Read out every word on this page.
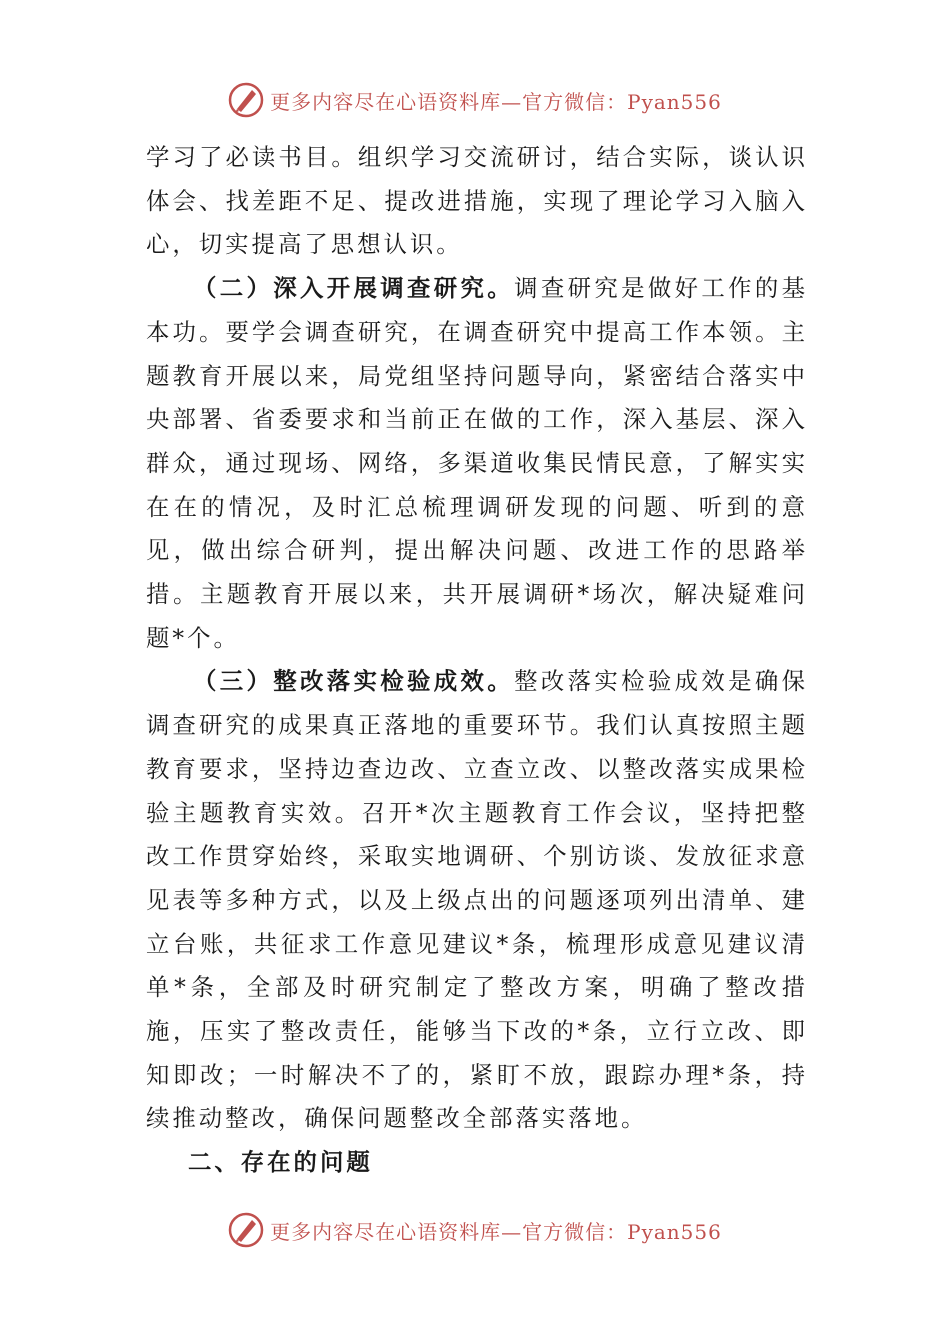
更多内容尽在心语资料库—官方微信：Pyan556

学习了必读书目。组织学习交流研讨，结合实际，谈认识体会、找差距不足、提改进措施，实现了理论学习入脑入心，切实提高了思想认识。

（二）深入开展调查研究。调查研究是做好工作的基本功。要学会调查研究，在调查研究中提高工作本领。主题教育开展以来，局党组坚持问题导向，紧密结合落实中央部署、省委要求和当前正在做的工作，深入基层、深入群众，通过现场、网络，多渠道收集民情民意，了解实实在在的情况，及时汇总梳理调研发现的问题、听到的意见，做出综合研判，提出解决问题、改进工作的思路举措。主题教育开展以来，共开展调研*场次，解决疑难问题*个。

（三）整改落实检验成效。整改落实检验成效是确保调查研究的成果真正落地的重要环节。我们认真按照主题教育要求，坚持边查边改、立查立改、以整改落实成果检验主题教育实效。召开*次主题教育工作会议，坚持把整改工作贯穿始终，采取实地调研、个别访谈、发放征求意见表等多种方式，以及上级点出的问题逐项列出清单、建立台账，共征求工作意见建议*条，梳理形成意见建议清单*条，全部及时研究制定了整改方案，明确了整改措施，压实了整改责任，能够当下改的*条，立行立改、即知即改；一时解决不了的，紧盯不放，跟踪办理*条，持续推动整改，确保问题整改全部落实落地。

二、存在的问题

更多内容尽在心语资料库—官方微信：Pyan556
